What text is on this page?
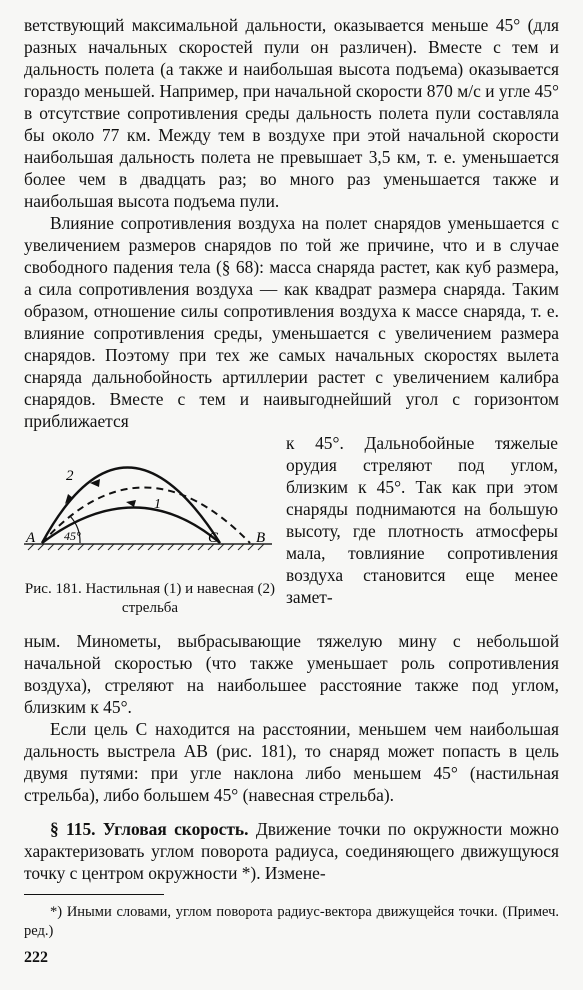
ветствующий максимальной дальности, оказывается меньше 45° (для разных начальных скоростей пули он различен). Вместе с тем и дальность полета (а также и наибольшая высота подъема) оказывается гораздо меньшей. Например, при начальной скорости 870 м/с и угле 45° в отсутствие сопротивления среды дальность полета пули составляла бы около 77 км. Между тем в воздухе при этой начальной скорости наибольшая дальность полета не превышает 3,5 км, т. е. уменьшается более чем в двадцать раз; во много раз уменьшается также и наибольшая высота подъема пули.

Влияние сопротивления воздуха на полет снарядов уменьшается с увеличением размеров снарядов по той же причине, что и в случае свободного падения тела (§ 68): масса снаряда растет, как куб размера, а сила сопротивления воздуха — как квадрат размера снаряда. Таким образом, отношение силы сопротивления воздуха к массе снаряда, т. е. влияние сопротивления среды, уменьшается с увеличением размера снарядов. Поэтому при тех же самых начальных скоростях вылета снаряда дальнобойность артиллерии растет с увеличением калибра снарядов. Вместе с тем и наивыгоднейший угол с горизонтом приближается

A	B
C
1
2
45°
Рис. 181. Настильная (1) и навесная (2) стрельба

к 45°. Дальнобойные тяжелые орудия стреляют под углом, близким к 45°. Так как при этом снаряды поднимаются на большую высоту, где плотность атмосферы мала, товлияние сопротивления воздуха становится еще менее замет-

ным. Минометы, выбрасывающие тяжелую мину с небольшой начальной скоростью (что также уменьшает роль сопротивления воздуха), стреляют на наибольшее расстояние также под углом, близким к 45°.

Если цель C находится на расстоянии, меньшем чем наибольшая дальность выстрела AB (рис. 181), то снаряд может попасть в цель двумя путями: при угле наклона либо меньшем 45° (настильная стрельба), либо большем 45° (навесная стрельба).

§ 115. Угловая скорость. Движение точки по окружности можно характеризовать углом поворота радиуса, соединяющего движущуюся точку с центром окружности *). Измене-

*) Иными словами, углом поворота радиус-вектора движущейся точки. (Примеч. ред.)

222
